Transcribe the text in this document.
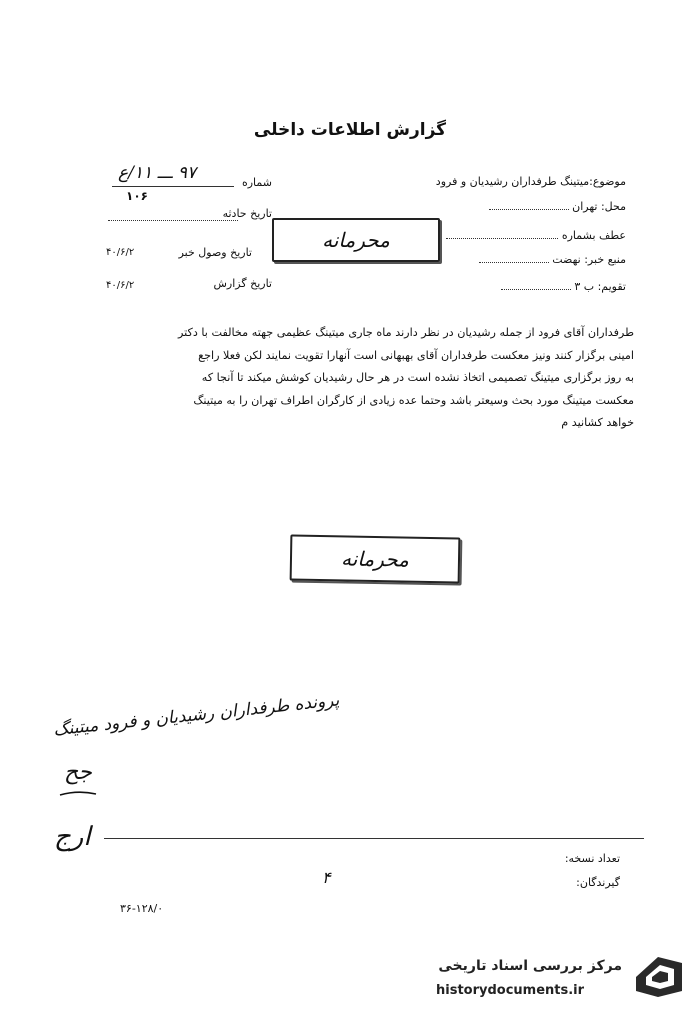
گزارش اطلاعات داخلی
موضوع:میتینگ طرفداران رشیدیان و فرود
محل: تهران
عطف بشماره
منبع خبر: نهضت
تقویم: ب ۳
شماره
۹۷ ـــ ۱۱/ع
۱۰۶
تاریخ حادثه
تاریخ وصول خبر
۴۰/۶/۲
تاریخ گزارش
۴۰/۶/۲
محرمانه
طرفداران آقای فرود از جمله رشیدیان در نظر دارند ماه جاری میتینگ عظیمی جهته مخالفت با دکتر
امینی برگزار کنند ونیز معکست طرفداران آقای بهبهانی است آنهارا تقویت نمایند لکن فعلا راجع
به روز برگزاری میتینگ تصمیمی اتخاذ نشده است در هر حال رشیدیان کوشش میکند تا آنجا که
معکست میتینگ مورد بحث وسیعتر باشد وحتما عده زیادی از کارگران اطراف تهران را به میتینگ
خواهد کشانید م
محرمانه
پرونده طرفداران رشیدیان و فرود میتینگ
جح
ارج
تعداد نسخه:
گیرندگان:
۴
۳۶-۱۲۸/۰
مرکز بررسی اسناد تاریخی
historydocuments.ir
